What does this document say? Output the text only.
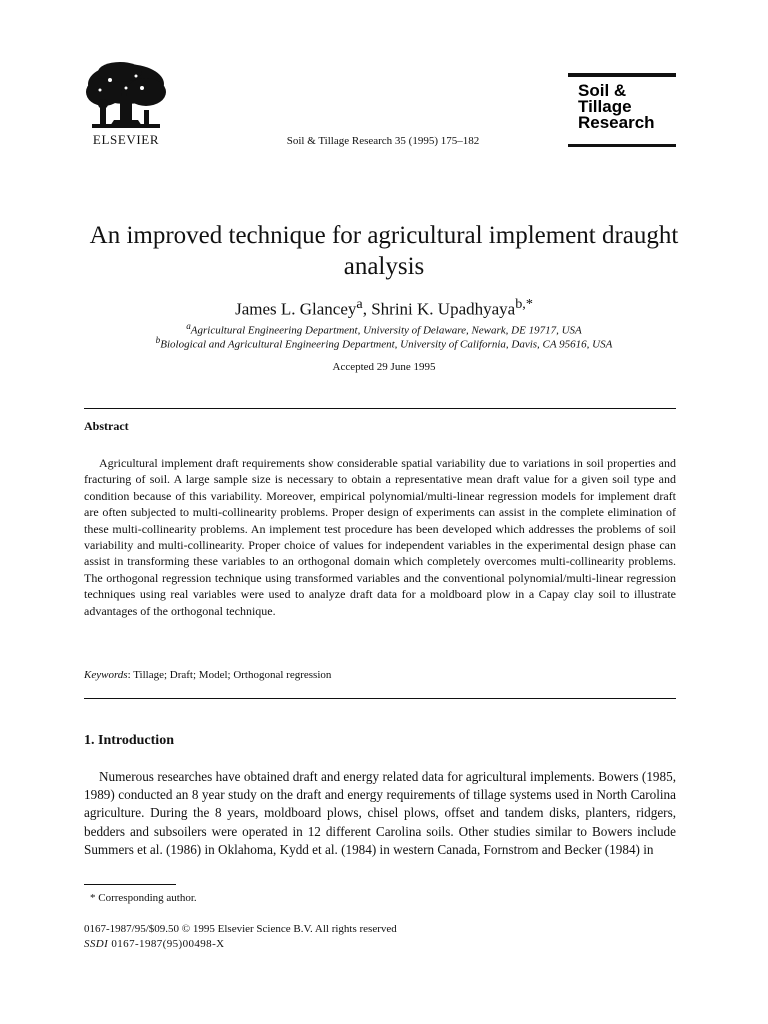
ELSEVIER	Soil & Tillage Research 35 (1995) 175–182
Soil &
Tillage
Research
An improved technique for agricultural implement draught analysis
James L. Glancey$^a$, Shrini K. Upadhyaya$^{b,*}$
$^a$Agricultural Engineering Department, University of Delaware, Newark, DE 19717, USA
$^b$Biological and Agricultural Engineering Department, University of California, Davis, CA 95616, USA
Accepted 29 June 1995
Abstract
Agricultural implement draft requirements show considerable spatial variability due to variations in soil properties and fracturing of soil. A large sample size is necessary to obtain a representative mean draft value for a given soil type and condition because of this variability. Moreover, empirical polynomial/multi-linear regression models for implement draft are often subjected to multi-collinearity problems. Proper design of experiments can assist in the complete elimination of these multi-collinearity problems. An implement test procedure has been developed which addresses the problems of soil variability and multi-collinearity. Proper choice of values for independent variables in the experimental design phase can assist in transforming these variables to an orthogonal domain which completely overcomes multi-collinearity problems. The orthogonal regression technique using transformed variables and the conventional polynomial/multi-linear regression techniques using real variables were used to analyze draft data for a moldboard plow in a Capay clay soil to illustrate advantages of the orthogonal technique.
Keywords: Tillage; Draft; Model; Orthogonal regression
1. Introduction
Numerous researches have obtained draft and energy related data for agricultural implements. Bowers (1985, 1989) conducted an 8 year study on the draft and energy requirements of tillage systems used in North Carolina agriculture. During the 8 years, moldboard plows, chisel plows, offset and tandem disks, planters, ridgers, bedders and subsoilers were operated in 12 different Carolina soils. Other studies similar to Bowers include Summers et al. (1986) in Oklahoma, Kydd et al. (1984) in western Canada, Fornstrom and Becker (1984) in
* Corresponding author.
0167-1987/95/$09.50 © 1995 Elsevier Science B.V. All rights reserved
SSDI 0167-1987(95)00498-X
